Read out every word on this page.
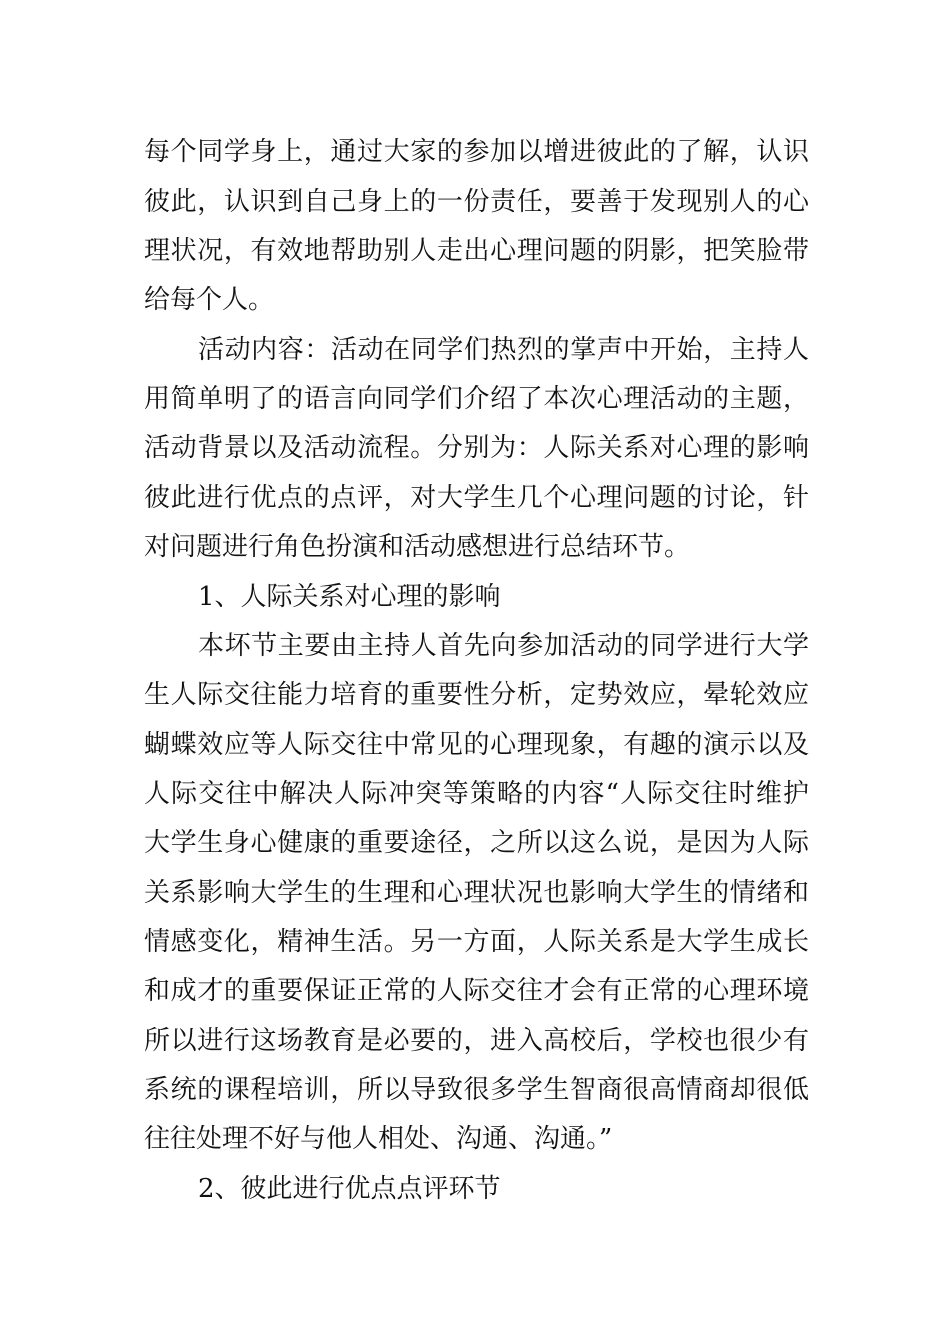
每个同学身上，通过大家的参加以增进彼此的了解，认识
彼此，认识到自己身上的一份责任，要善于发现别人的心
理状况，有效地帮助别人走出心理问题的阴影，把笑脸带
给每个人。
活动内容：活动在同学们热烈的掌声中开始，主持人
用简单明了的语言向同学们介绍了本次心理活动的主题，
活动背景以及活动流程。分别为：人际关系对心理的影响
彼此进行优点的点评，对大学生几个心理问题的讨论，针
对问题进行角色扮演和活动感想进行总结环节。
1、人际关系对心理的影响
本坏节主要由主持人首先向参加活动的同学进行大学
生人际交往能力培育的重要性分析，定势效应，晕轮效应
蝴蝶效应等人际交往中常见的心理现象，有趣的演示以及
人际交往中解决人际冲突等策略的内容“人际交往时维护
大学生身心健康的重要途径，之所以这么说，是因为人际
关系影响大学生的生理和心理状况也影响大学生的情绪和
情感变化，精神生活。另一方面，人际关系是大学生成长
和成才的重要保证正常的人际交往才会有正常的心理环境
所以进行这场教育是必要的，进入高校后，学校也很少有
系统的课程培训，所以导致很多学生智商很高情商却很低
往往处理不好与他人相处、沟通、沟通。”
2、彼此进行优点点评环节
